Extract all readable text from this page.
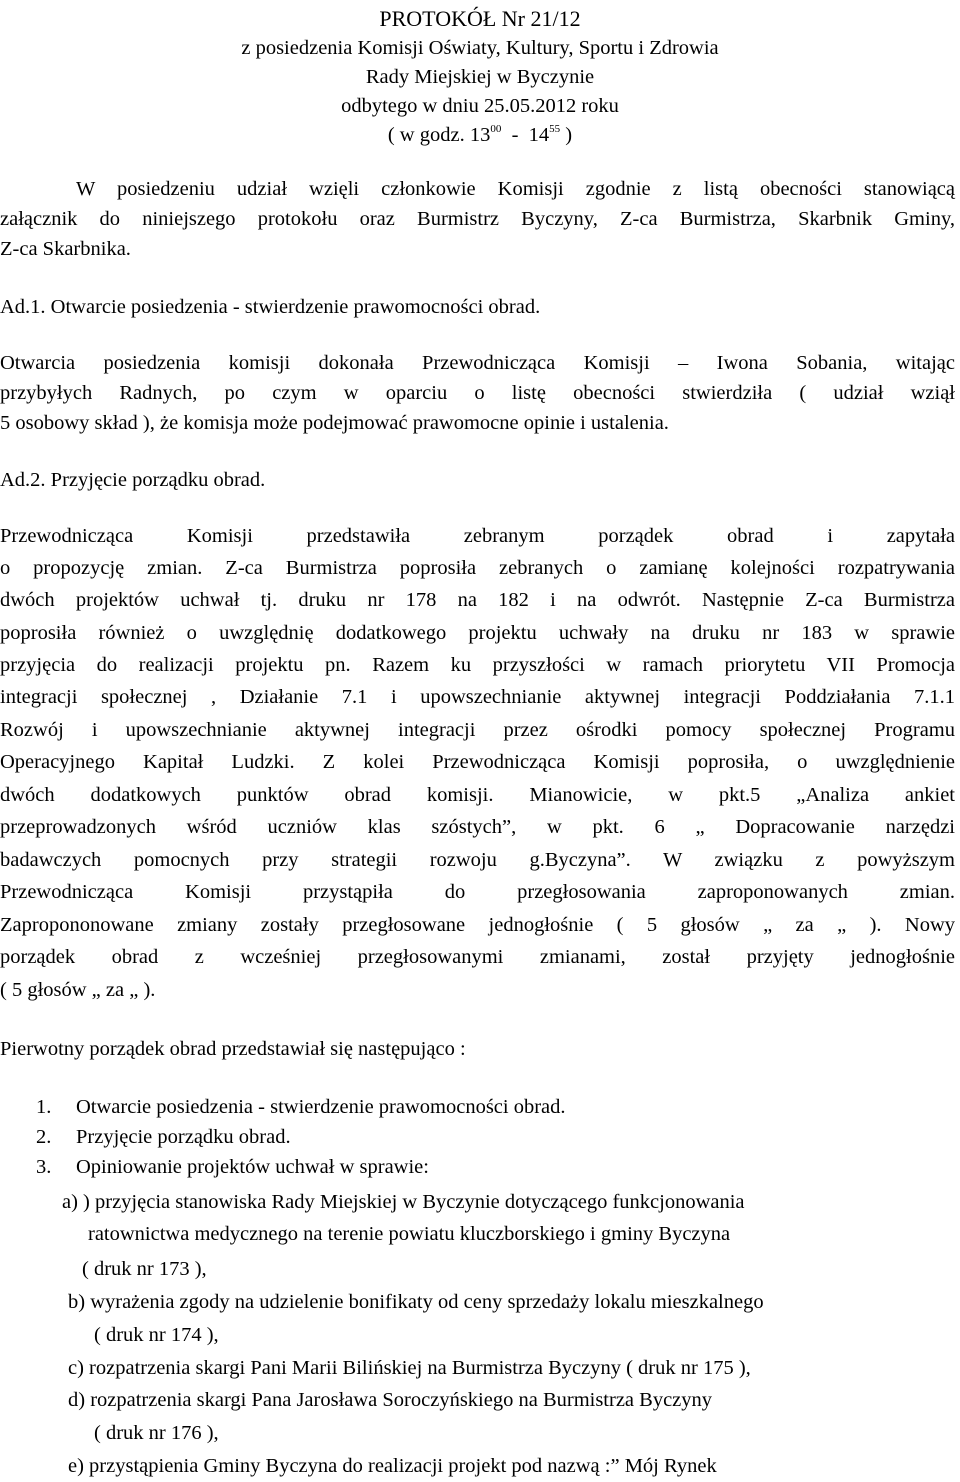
PROTOKÓŁ Nr 21/12
z posiedzenia Komisji Oświaty, Kultury, Sportu i Zdrowia
Rady Miejskiej w Byczynie
odbytego w dniu 25.05.2012 roku
( w godz. $13^{00} - 14^{55}$ )
W posiedzeniu udział wzięli członkowie Komisji zgodnie z listą obecności stanowiącą
załącznik do niniejszego protokołu oraz Burmistrz Byczyny, Z-ca Burmistrza, Skarbnik Gminy,
Z-ca Skarbnika.
Ad.1. Otwarcie posiedzenia - stwierdzenie prawomocności obrad.
Otwarcia posiedzenia komisji dokonała Przewodnicząca Komisji – Iwona Sobania, witając
przybyłych Radnych, po czym w oparciu o listę obecności stwierdziła ( udział wziął
5 osobowy skład ), że komisja może podejmować prawomocne opinie i ustalenia.
Ad.2. Przyjęcie porządku obrad.
Przewodnicząca Komisji przedstawiła zebranym porządek obrad i zapytała
o propozycję zmian. Z-ca Burmistrza poprosiła zebranych o zamianę kolejności rozpatrywania
dwóch projektów uchwał tj. druku nr 178 na 182 i na odwrót. Następnie Z-ca Burmistrza
poprosiła również o uwzględnię dodatkowego projektu uchwały na druku nr 183 w sprawie
przyjęcia do realizacji projektu pn. Razem ku przyszłości w ramach priorytetu VII Promocja
integracji społecznej , Działanie 7.1 i upowszechnianie aktywnej integracji Poddziałania 7.1.1
Rozwój i upowszechnianie aktywnej integracji przez ośrodki pomocy społecznej Programu
Operacyjnego Kapitał Ludzki. Z kolei Przewodnicząca Komisji poprosiła, o uwzględnienie
dwóch dodatkowych punktów obrad komisji. Mianowicie, w pkt.5 „Analiza ankiet
przeprowadzonych wśród uczniów klas szóstych”, w pkt. 6 „ Dopracowanie narzędzi
badawczych pomocnych przy strategii rozwoju g.Byczyna”. W związku z powyższym
Przewodnicząca Komisji przystąpiła do przegłosowania zaproponowanych zmian.
Zapropononowane zmiany zostały przegłosowane jednogłośnie ( 5 głosów „ za „ ). Nowy
porządek obrad z wcześniej przegłosowanymi zmianami, został przyjęty jednogłośnie
( 5 głosów „ za „ ).
Pierwotny porządek obrad przedstawiał się następująco :
1. Otwarcie posiedzenia - stwierdzenie prawomocności obrad.
2. Przyjęcie porządku obrad.
3. Opiniowanie projektów uchwał w sprawie:
a) ) przyjęcia stanowiska Rady Miejskiej w Byczynie dotyczącego funkcjonowania
ratownictwa medycznego na terenie powiatu kluczborskiego i gminy Byczyna
( druk nr 173 ),
b) wyrażenia zgody na udzielenie bonifikaty od ceny sprzedaży lokalu mieszkalnego
( druk nr 174 ),
c) rozpatrzenia skargi Pani Marii Bilińskiej na Burmistrza Byczyny ( druk nr 175 ),
d) rozpatrzenia skargi Pana Jarosława Soroczyńskiego na Burmistrza Byczyny
( druk nr 176 ),
e) przystąpienia Gminy Byczyna do realizacji projekt pod nazwą :” Mój Rynek
